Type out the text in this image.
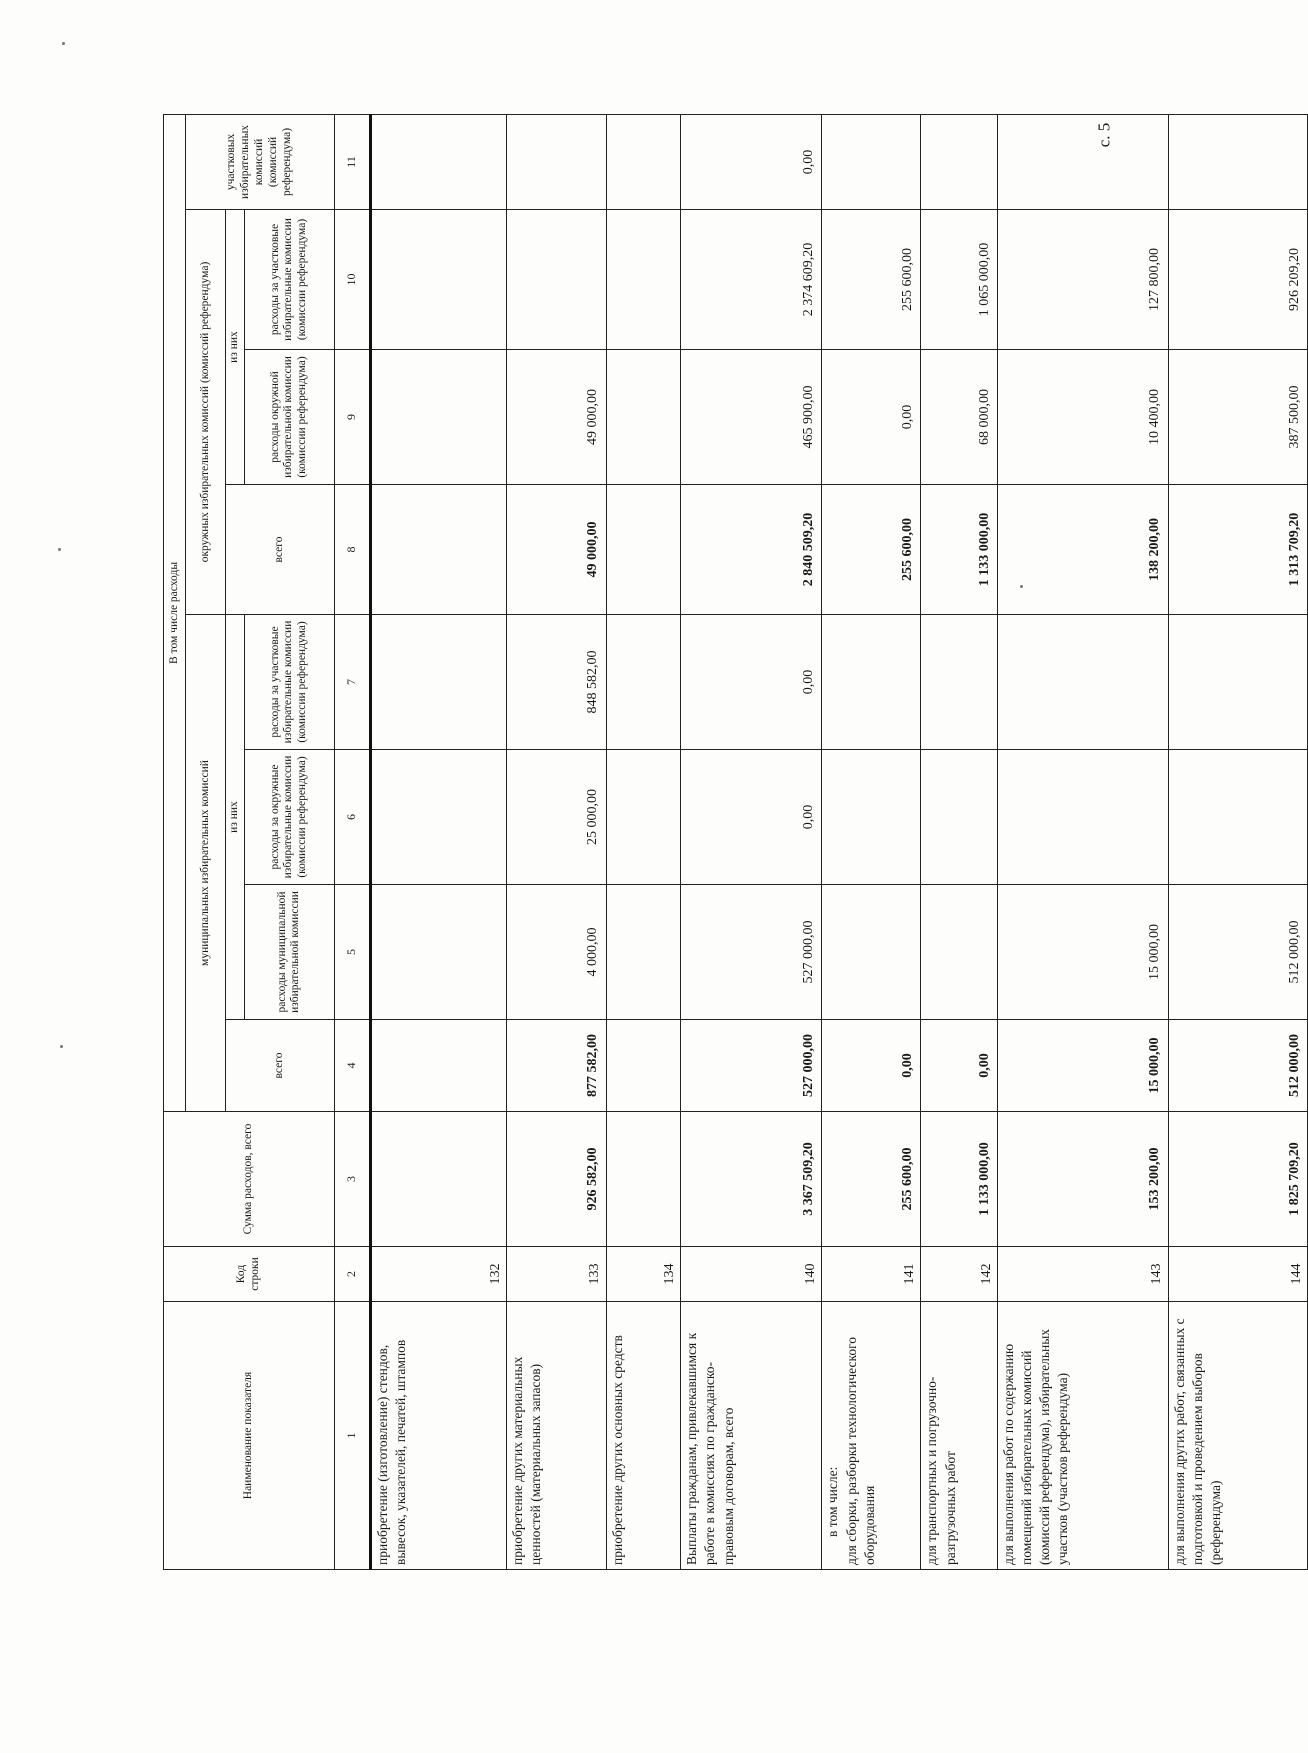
с. 5
Наименование показателя	Код строки	Сумма расходов, всего	В том числе расходы							
			муниципальных избирательных комиссий				окружных избирательных комиссий (комиссий референдума)			участковых избирательных комиссий (комиссий референдума)
			всего	из них			всего	из них		
				расходы муниципальной избирательной комиссии	расходы за окружные избирательные комиссии (комиссии референдума)	расходы за участковые избирательные комиссии (комиссии референдума)		расходы окружной избирательной комиссии (комиссии референдума)	расходы за участковые избирательные комиссии (комиссии референдума)	
1	2	3	4	5	6	7	8	9	10	11
приобретение (изготовление) стендов, вывесок, указателей, печатей, штампов	132									
приобретение других материальных ценностей (материальных запасов)	133	926 582,00	877 582,00	4 000,00	25 000,00	848 582,00	49 000,00	49 000,00		
приобретение других основных средств	134									
Выплаты гражданам, привлекавшимся к работе в комиссиях по гражданско-правовым договорам, всего	140	3 367 509,20	527 000,00	527 000,00	0,00	0,00	2 840 509,20	465 900,00	2 374 609,20	0,00

в том числе: для сборки, разборки технологического оборудования	141	255 600,00	0,00				255 600,00	0,00	255 600,00	
для транспортных и погрузочно-разгрузочных работ	142	1 133 000,00	0,00				1 133 000,00	68 000,00	1 065 000,00	
для выполнения работ по содержанию помещений избирательных комиссий (комиссий референдума), избирательных участков (участков референдума)	143	153 200,00	15 000,00	15 000,00			138 200,00	10 400,00	127 800,00	
для выполнения других работ, связанных с подготовкой и проведением выборов (референдума)	144	1 825 709,20	512 000,00	512 000,00			1 313 709,20	387 500,00	926 209,20	
